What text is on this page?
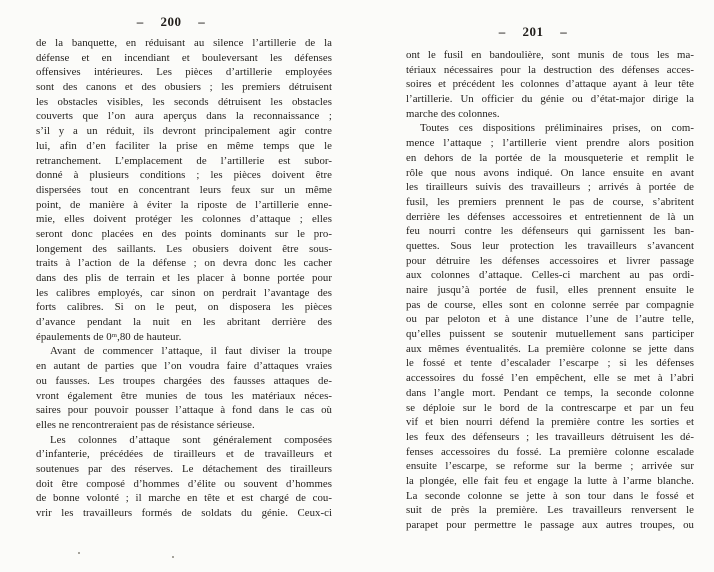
– 200 –
de la banquette, en réduisant au silence l’artillerie de la
défense et en incendiant et bouleversant les défenses
offensives intérieures. Les pièces d’artillerie employées
sont des canons et des obusiers ; les premiers détruisent
les obstacles visibles, les seconds détruisent les obstacles
couverts que l’on aura aperçus dans la reconnaissance ;
s’il y a un réduit, ils devront principalement agir contre
lui, afin d’en faciliter la prise en même temps que le
retranchement. L’emplacement de l’artillerie est subor-
donné à plusieurs conditions ; les pièces doivent être
dispersées tout en concentrant leurs feux sur un même
point, de manière à éviter la riposte de l’artillerie enne-
mie, elles doivent protéger les colonnes d’attaque ; elles
seront donc placées en des points dominants sur le pro-
longement des saillants. Les obusiers doivent être sous-
traits à l’action de la défense ; on devra donc les cacher
dans des plis de terrain et les placer à bonne portée pour
les calibres employés, car sinon on perdrait l’avantage des
forts calibres. Si on le peut, on disposera les pièces
d’avance pendant la nuit en les abritant derrière des
épaulements de 0ᵐ,80 de hauteur.
Avant de commencer l’attaque, il faut diviser la troupe
en autant de parties que l’on voudra faire d’attaques vraies
ou fausses. Les troupes chargées des fausses attaques de-
vront également être munies de tous les matériaux néces-
saires pour pouvoir pousser l’attaque à fond dans le cas où
elles ne rencontreraient pas de résistance sérieuse.
Les colonnes d’attaque sont généralement composées
d’infanterie, précédées de tirailleurs et de travailleurs et
soutenues par des réserves. Le détachement des tirailleurs
doit être composé d’hommes d’élite ou souvent d’hommes
de bonne volonté ; il marche en tête et est chargé de cou-
vrir les travailleurs formés de soldats du génie. Ceux-ci
– 201 –
ont le fusil en bandoulière, sont munis de tous les ma-
tériaux nécessaires pour la destruction des défenses acces-
soires et précédent les colonnes d’attaque ayant à leur tête
l’artillerie. Un officier du génie ou d’état-major dirige la
marche des colonnes.
Toutes ces dispositions préliminaires prises, on com-
mence l’attaque ; l’artillerie vient prendre alors position
en dehors de la portée de la mousqueterie et remplit le
rôle que nous avons indiqué. On lance ensuite en avant
les tirailleurs suivis des travailleurs ; arrivés à portée de
fusil, les premiers prennent le pas de course, s’abritent
derrière les défenses accessoires et entretiennent de là un
feu nourri contre les défenseurs qui garnissent les ban-
quettes. Sous leur protection les travailleurs s’avancent
pour détruire les défenses accessoires et livrer passage
aux colonnes d’attaque. Celles-ci marchent au pas ordi-
naire jusqu’à portée de fusil, elles prennent ensuite le
pas de course, elles sont en colonne serrée par compagnie
ou par peloton et à une distance l’une de l’autre telle,
qu’elles puissent se soutenir mutuellement sans participer
aux mêmes éventualités. La première colonne se jette dans
le fossé et tente d’escalader l’escarpe ; si les défenses
accessoires du fossé l’en empêchent, elle se met à l’abri
dans l’angle mort. Pendant ce temps, la seconde colonne
se déploie sur le bord de la contrescarpe et par un feu
vif et bien nourri défend la première contre les sorties et
les feux des défenseurs ; les travailleurs détruisent les dé-
fenses accessoires du fossé. La première colonne escalade
ensuite l’escarpe, se reforme sur la berme ; arrivée sur
la plongée, elle fait feu et engage la lutte à l’arme blanche.
La seconde colonne se jette à son tour dans le fossé et
suit de près la première. Les travailleurs renversent le
parapet pour permettre le passage aux autres troupes, ou
